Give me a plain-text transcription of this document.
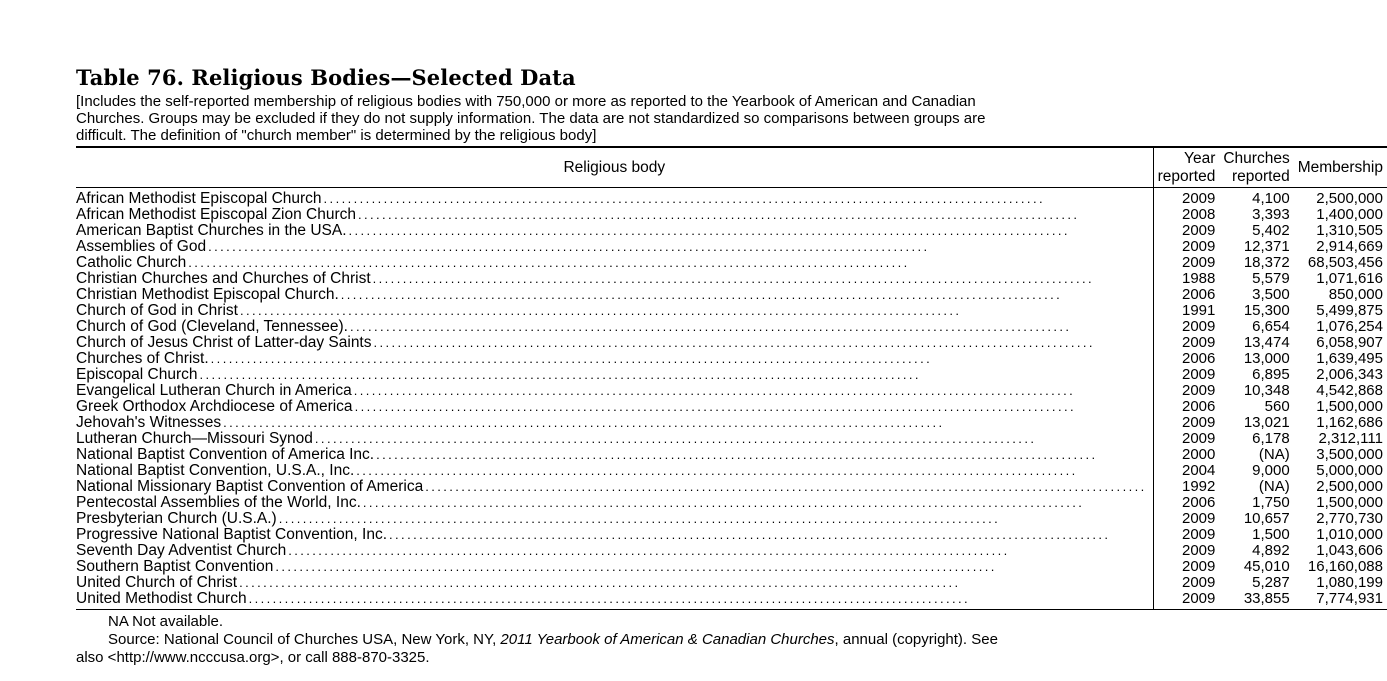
Table 76. Religious Bodies—Selected Data
[Includes the self-reported membership of religious bodies with 750,000 or more as reported to the Yearbook of American and Canadian Churches. Groups may be excluded if they do not supply information. The data are not standardized so comparisons between groups are difficult. The definition of "church member" is determined by the religious body]
Religious body	Year reported	Churches reported	Membership

African Methodist Episcopal Church ........................................................................................................................	2009	4,100	2,500,000

African Methodist Episcopal Zion Church ........................................................................................................................	2008	3,393	1,400,000

American Baptist Churches in the USA. ........................................................................................................................	2009	5,402	1,310,505

Assemblies of God ........................................................................................................................	2009	12,371	2,914,669

Catholic Church ........................................................................................................................	2009	18,372	68,503,456

Christian Churches and Churches of Christ ........................................................................................................................	1988	5,579	1,071,616

Christian Methodist Episcopal Church. ........................................................................................................................	2006	3,500	850,000

Church of God in Christ ........................................................................................................................	1991	15,300	5,499,875

Church of God (Cleveland, Tennessee). ........................................................................................................................	2009	6,654	1,076,254

Church of Jesus Christ of Latter-day Saints ........................................................................................................................	2009	13,474	6,058,907

Churches of Christ. ........................................................................................................................	2006	13,000	1,639,495

Episcopal Church ........................................................................................................................	2009	6,895	2,006,343

Evangelical Lutheran Church in America ........................................................................................................................	2009	10,348	4,542,868

Greek Orthodox Archdiocese of America ........................................................................................................................	2006	560	1,500,000

Jehovah's Witnesses ........................................................................................................................	2009	13,021	1,162,686

Lutheran Church—Missouri Synod ........................................................................................................................	2009	6,178	2,312,111

National Baptist Convention of America Inc. ........................................................................................................................	2000	(NA)	3,500,000

National Baptist Convention, U.S.A., Inc. ........................................................................................................................	2004	9,000	5,000,000

National Missionary Baptist Convention of America ........................................................................................................................	1992	(NA)	2,500,000

Pentecostal Assemblies of the World, Inc. ........................................................................................................................	2006	1,750	1,500,000

Presbyterian Church (U.S.A.) ........................................................................................................................	2009	10,657	2,770,730

Progressive National Baptist Convention, Inc. ........................................................................................................................	2009	1,500	1,010,000

Seventh Day Adventist Church ........................................................................................................................	2009	4,892	1,043,606

Southern Baptist Convention ........................................................................................................................	2009	45,010	16,160,088

United Church of Christ ........................................................................................................................	2009	5,287	1,080,199

United Methodist Church ........................................................................................................................	2009	33,855	7,774,931
NA Not available.
Source: National Council of Churches USA, New York, NY, 2011 Yearbook of American & Canadian Churches, annual (copyright). See also <http://www.ncccusa.org>, or call 888-870-3325.
